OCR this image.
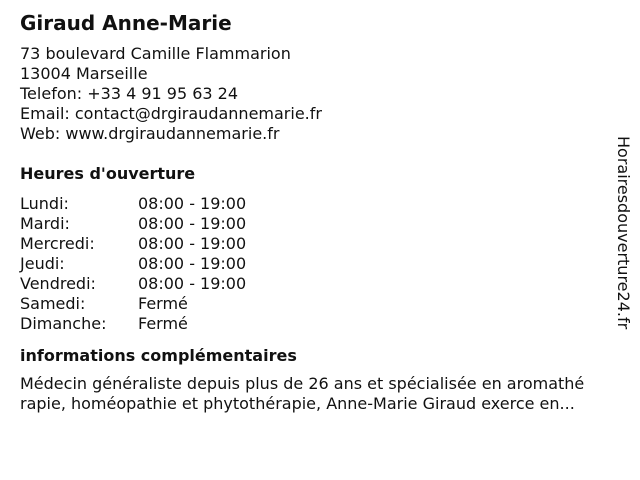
Giraud Anne-Marie
73 boulevard Camille Flammarion
13004 Marseille
Telefon: +33 4 91 95 63 24
Email: contact@drgiraudannemarie.fr
Web: www.drgiraudannemarie.fr
Heures d'ouverture
Lundi:	08:00 - 19:00
Mardi:	08:00 - 19:00
Mercredi:	08:00 - 19:00
Jeudi:	08:00 - 19:00
Vendredi:	08:00 - 19:00
Samedi:	Fermé
Dimanche:	Fermé
informations complémentaires
Médecin généraliste depuis plus de 26 ans et spécialisée en aromathé
rapie, homéopathie et phytothérapie, Anne-Marie Giraud exerce en...
Horairesdouverture24.fr
